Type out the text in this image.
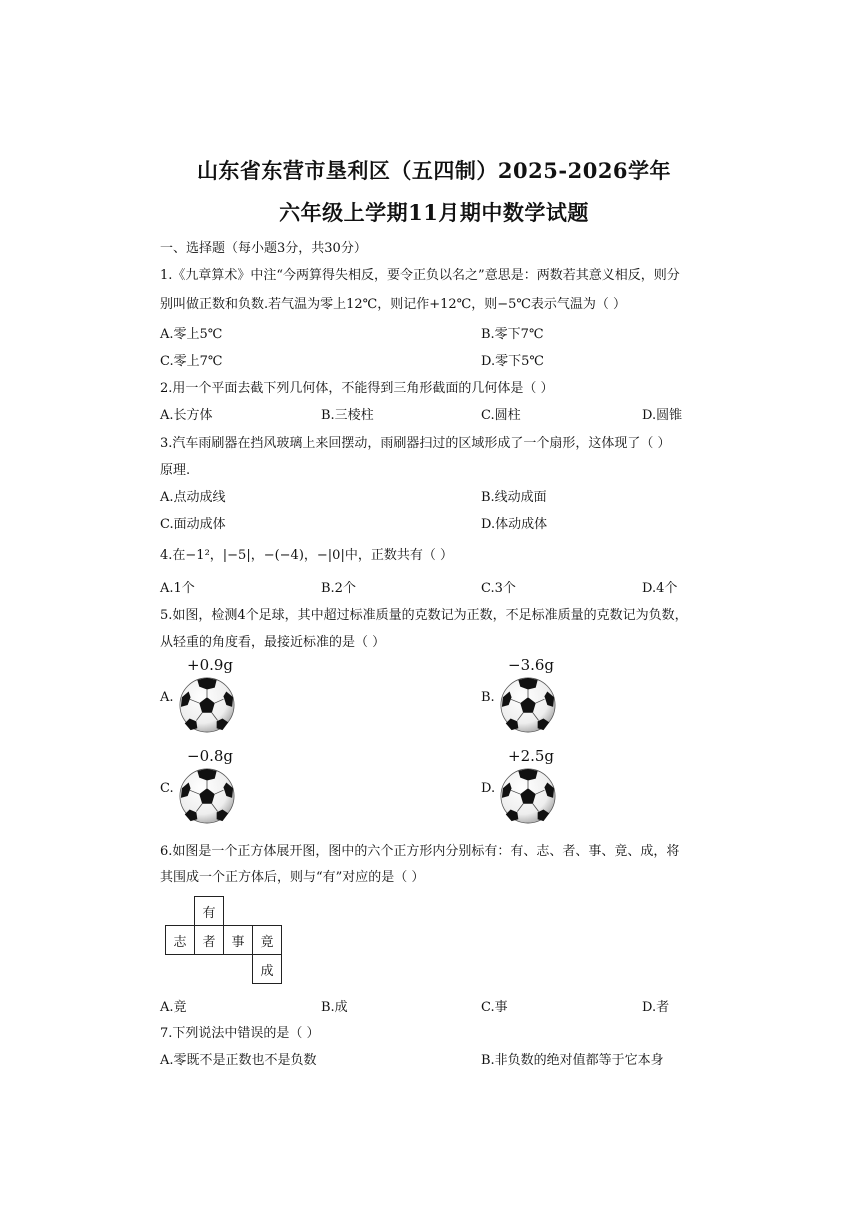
山东省东营市垦利区（五四制）2025-2026学年
六年级上学期11月期中数学试题
一、选择题（每小题3分，共30分）
1.《九章算术》中注“今两算得失相反，要令正负以名之”意思是：两数若其意义相反，则分
别叫做正数和负数.若气温为零上12℃，则记作+12℃，则−5℃表示气温为（ ）
A.零上5℃	B.零下7℃
C.零上7℃	D.零下5℃
2.用一个平面去截下列几何体，不能得到三角形截面的几何体是（ ）
A.长方体	B.三棱柱	C.圆柱	D.圆锥
3.汽车雨刷器在挡风玻璃上来回摆动，雨刷器扫过的区域形成了一个扇形，这体现了（ ）
原理.
A.点动成线	B.线动成面
C.面动成体	D.体动成体
4.在−1²，|−5|，−(−4)，−|0|中，正数共有（ ）
A.1个	B.2个	C.3个	D.4个
5.如图，检测4个足球，其中超过标准质量的克数记为正数，不足标准质量的克数记为负数，
从轻重的角度看，最接近标准的是（ ）
+0.9g
A.
−3.6g
B.
−0.8g
C.
+2.5g
D.
6.如图是一个正方体展开图，图中的六个正方形内分别标有：有、志、者、事、竟、成，将
其围成一个正方体后，则与“有”对应的是（ ）
	有		
志	者	事	竟
			成
A.竟	B.成	C.事	D.者
7.下列说法中错误的是（ ）
A.零既不是正数也不是负数	B.非负数的绝对值都等于它本身
